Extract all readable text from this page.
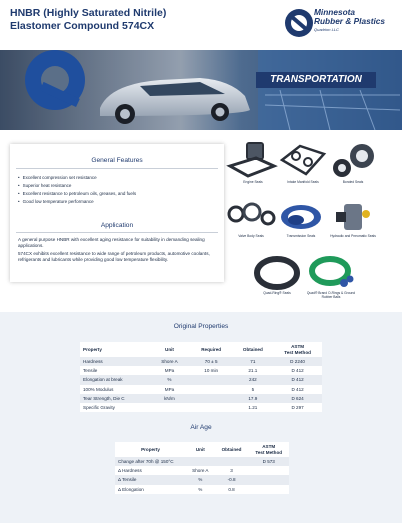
HNBR (Highly Saturated Nitrile)
Elastomer Compound 574CX
Minnesota
Rubber & Plastics
Quadrion LLC
TRANSPORTATION
General Features
• Excellent compression set resistance
• Superior heat resistance
• Excellent resistance to petroleum oils, greases, and fuels
• Good low temperature performance
Application
A general purpose HNBR with excellent aging resistance for suitability in demanding sealing applications.
574CX exhibits excellent resistance to wide range of petroleum products, automotive coolants, refrigerants and lubricants while providing good low temperature flexibility.
Engine Seals	Intake Manifold Seals	Bonded Seals
Valve Body Seals	Transmission Seals	Hydraulic and Pneumatic Seals
Quad-Ring® Seals	Quad® Brand O-Rings & Ground Rubber Balls
Original Properties
Property	Unit	Required	Obtained	ASTM
Test Method

Hardness	Shore A	70 ± 5	71	D 2240
Tensile	MPa	10 min	21.1	D 412
Elongation at break	%		242	D 412
100% Modulus	MPa		5	D 412
Tear Strength, Die C	kN/m		17.9	D 624
Specific Gravity			1.21	D 297
Air Age
Property	Unit	Obtained	ASTM
Test Method

Change after 70h @ 150°C			D 573
Δ Hardness	Shore A	3	
Δ Tensile	%	-0.8	
Δ Elongation	%	0.8	
